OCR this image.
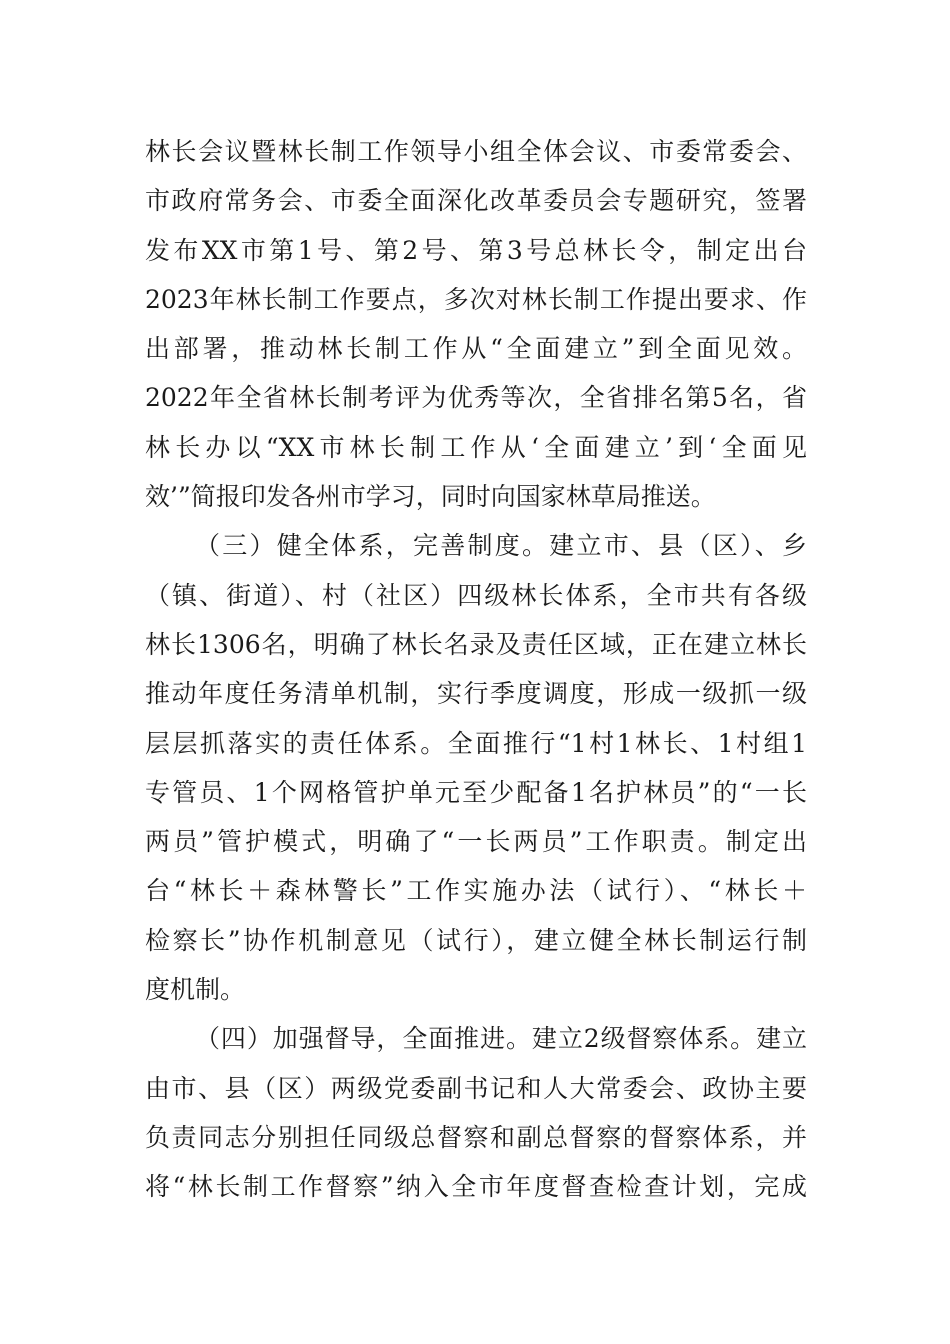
林长会议暨林长制工作领导小组全体会议、市委常委会、
市政府常务会、市委全面深化改革委员会专题研究，签署
发布XX市第1号、第2号、第3号总林长令，制定出台
2023年林长制工作要点，多次对林长制工作提出要求、作
出部署，推动林长制工作从“全面建立”到全面见效。
2022年全省林长制考评为优秀等次，全省排名第5名，省
林长办以“XX市林长制工作从‘全面建立’到‘全面见
效’”简报印发各州市学习，同时向国家林草局推送。
（三）健全体系，完善制度。建立市、县（区）、乡
（镇、街道）、村（社区）四级林长体系，全市共有各级
林长1306名，明确了林长名录及责任区域，正在建立林长
推动年度任务清单机制，实行季度调度，形成一级抓一级
层层抓落实的责任体系。全面推行“1村1林长、1村组1
专管员、1个网格管护单元至少配备1名护林员”的“一长
两员”管护模式，明确了“一长两员”工作职责。制定出
台“林长＋森林警长”工作实施办法（试行）、“林长＋
检察长”协作机制意见（试行），建立健全林长制运行制
度机制。
（四）加强督导，全面推进。建立2级督察体系。建立
由市、县（区）两级党委副书记和人大常委会、政协主要
负责同志分别担任同级总督察和副总督察的督察体系，并
将“林长制工作督察”纳入全市年度督查检查计划，完成
